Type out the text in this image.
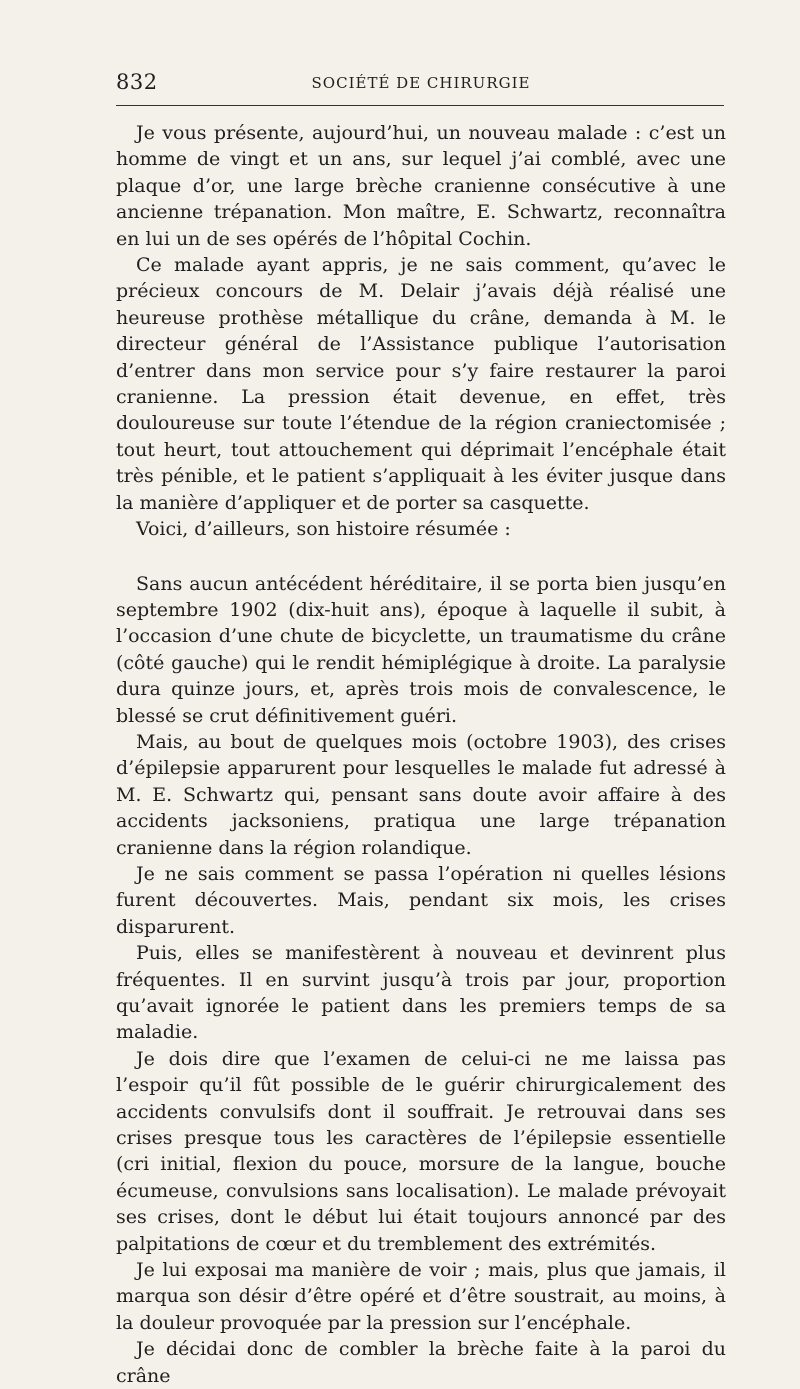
832	SOCIÉTÉ DE CHIRURGIE

Je vous présente, aujourd’hui, un nouveau malade : c’est un homme de vingt et un ans, sur lequel j’ai comblé, avec une plaque d’or, une large brèche cranienne consécutive à une ancienne trépanation. Mon maître, E. Schwartz, reconnaîtra en lui un de ses opérés de l’hôpital Cochin.

Ce malade ayant appris, je ne sais comment, qu’avec le précieux concours de M. Delair j’avais déjà réalisé une heureuse prothèse métallique du crâne, demanda à M. le directeur général de l’Assistance publique l’autorisation d’entrer dans mon service pour s’y faire restaurer la paroi cranienne. La pression était devenue, en effet, très douloureuse sur toute l’étendue de la région craniectomisée ; tout heurt, tout attouchement qui déprimait l’encéphale était très pénible, et le patient s’appliquait à les éviter jusque dans la manière d’appliquer et de porter sa casquette.

Voici, d’ailleurs, son histoire résumée :

Sans aucun antécédent héréditaire, il se porta bien jusqu’en septembre 1902 (dix-huit ans), époque à laquelle il subit, à l’occasion d’une chute de bicyclette, un traumatisme du crâne (côté gauche) qui le rendit hémiplégique à droite. La paralysie dura quinze jours, et, après trois mois de convalescence, le blessé se crut définitivement guéri.

Mais, au bout de quelques mois (octobre 1903), des crises d’épilepsie apparurent pour lesquelles le malade fut adressé à M. E. Schwartz qui, pensant sans doute avoir affaire à des accidents jacksoniens, pratiqua une large trépanation cranienne dans la région rolandique.

Je ne sais comment se passa l’opération ni quelles lésions furent découvertes. Mais, pendant six mois, les crises disparurent.

Puis, elles se manifestèrent à nouveau et devinrent plus fréquentes. Il en survint jusqu’à trois par jour, proportion qu’avait ignorée le patient dans les premiers temps de sa maladie.

Je dois dire que l’examen de celui-ci ne me laissa pas l’espoir qu’il fût possible de le guérir chirurgicalement des accidents convulsifs dont il souffrait. Je retrouvai dans ses crises presque tous les caractères de l’épilepsie essentielle (cri initial, flexion du pouce, morsure de la langue, bouche écumeuse, convulsions sans localisation). Le malade prévoyait ses crises, dont le début lui était toujours annoncé par des palpitations de cœur et du tremblement des extrémités.

Je lui exposai ma manière de voir ; mais, plus que jamais, il marqua son désir d’être opéré et d’être soustrait, au moins, à la douleur provoquée par la pression sur l’encéphale.

Je décidai donc de combler la brèche faite à la paroi du crâne
